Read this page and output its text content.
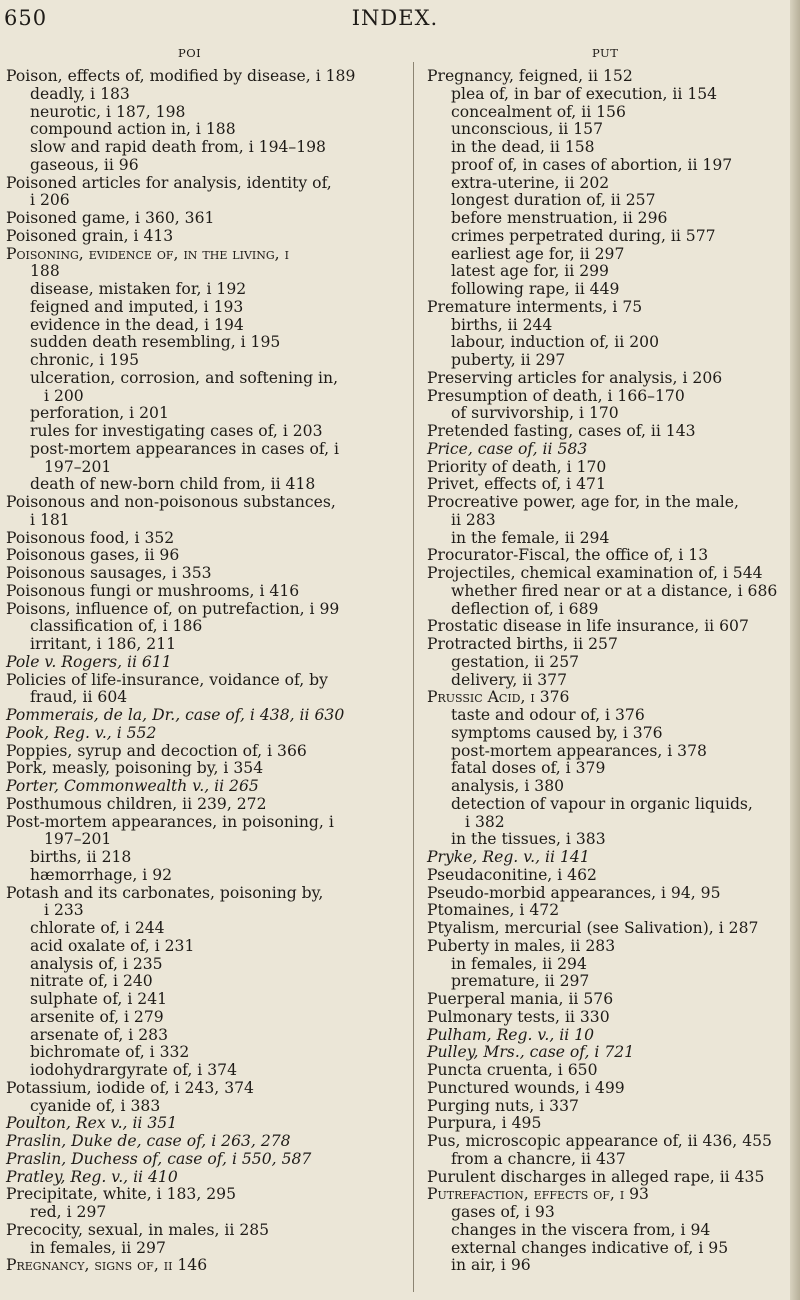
650	INDEX.
POI	PUT
Poison, effects of, modified by disease, i 189
deadly, i 183
neurotic, i 187, 198
compound action in, i 188
slow and rapid death from, i 194–198
gaseous, ii 96
Poisoned articles for analysis, identity of,
i 206
Poisoned game, i 360, 361
Poisoned grain, i 413
Poisoning, evidence of, in the living, i
188
disease, mistaken for, i 192
feigned and imputed, i 193
evidence in the dead, i 194
sudden death resembling, i 195
chronic, i 195
ulceration, corrosion, and softening in,
i 200
perforation, i 201
rules for investigating cases of, i 203
post-mortem appearances in cases of, i
197–201
death of new-born child from, ii 418
Poisonous and non-poisonous substances,
i 181
Poisonous food, i 352
Poisonous gases, ii 96
Poisonous sausages, i 353
Poisonous fungi or mushrooms, i 416
Poisons, influence of, on putrefaction, i 99
classification of, i 186
irritant, i 186, 211
Pole v. Rogers, ii 611
Policies of life-insurance, voidance of, by
fraud, ii 604
Pommerais, de la, Dr., case of, i 438, ii 630
Pook, Reg. v., i 552
Poppies, syrup and decoction of, i 366
Pork, measly, poisoning by, i 354
Porter, Commonwealth v., ii 265
Posthumous children, ii 239, 272
Post-mortem appearances, in poisoning, i
197–201
births, ii 218
hæmorrhage, i 92
Potash and its carbonates, poisoning by,
i 233
chlorate of, i 244
acid oxalate of, i 231
analysis of, i 235
nitrate of, i 240
sulphate of, i 241
arsenite of, i 279
arsenate of, i 283
bichromate of, i 332
iodohydrargyrate of, i 374
Potassium, iodide of, i 243, 374
cyanide of, i 383
Poulton, Rex v., ii 351
Praslin, Duke de, case of, i 263, 278
Praslin, Duchess of, case of, i 550, 587
Pratley, Reg. v., ii 410
Precipitate, white, i 183, 295
red, i 297
Precocity, sexual, in males, ii 285
in females, ii 297
Pregnancy, signs of, ii 146
Pregnancy, feigned, ii 152
plea of, in bar of execution, ii 154
concealment of, ii 156
unconscious, ii 157
in the dead, ii 158
proof of, in cases of abortion, ii 197
extra-uterine, ii 202
longest duration of, ii 257
before menstruation, ii 296
crimes perpetrated during, ii 577
earliest age for, ii 297
latest age for, ii 299
following rape, ii 449
Premature interments, i 75
births, ii 244
labour, induction of, ii 200
puberty, ii 297
Preserving articles for analysis, i 206
Presumption of death, i 166–170
of survivorship, i 170
Pretended fasting, cases of, ii 143
Price, case of, ii 583
Priority of death, i 170
Privet, effects of, i 471
Procreative power, age for, in the male,
ii 283
in the female, ii 294
Procurator-Fiscal, the office of, i 13
Projectiles, chemical examination of, i 544
whether fired near or at a distance, i 686
deflection of, i 689
Prostatic disease in life insurance, ii 607
Protracted births, ii 257
gestation, ii 257
delivery, ii 377
Prussic Acid, i 376
taste and odour of, i 376
symptoms caused by, i 376
post-mortem appearances, i 378
fatal doses of, i 379
analysis, i 380
detection of vapour in organic liquids,
i 382
in the tissues, i 383
Pryke, Reg. v., ii 141
Pseudaconitine, i 462
Pseudo-morbid appearances, i 94, 95
Ptomaines, i 472
Ptyalism, mercurial (see Salivation), i 287
Puberty in males, ii 283
in females, ii 294
premature, ii 297
Puerperal mania, ii 576
Pulmonary tests, ii 330
Pulham, Reg. v., ii 10
Pulley, Mrs., case of, i 721
Puncta cruenta, i 650
Punctured wounds, i 499
Purging nuts, i 337
Purpura, i 495
Pus, microscopic appearance of, ii 436, 455
from a chancre, ii 437
Purulent discharges in alleged rape, ii 435
Putrefaction, effects of, i 93
gases of, i 93
changes in the viscera from, i 94
external changes indicative of, i 95
in air, i 96
